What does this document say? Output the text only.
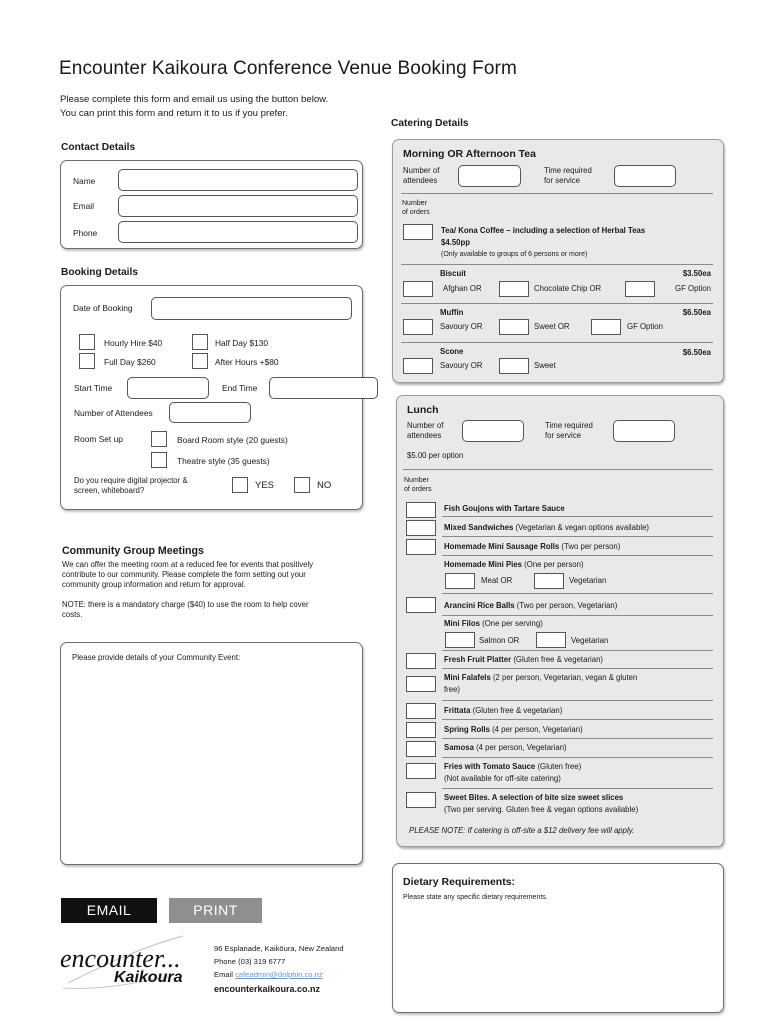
Encounter Kaikoura Conference Venue Booking Form
Please complete this form and email us using the button below.
You can print this form and return it to us if you prefer.
Contact Details
Name
Email
Phone
Booking Details
Date of Booking
Hourly Hire $40	Half Day $130
Full Day $260	After Hours +$80
Start Time	End Time
Number of Attendees
Room Set up	Board Room style (20 guests)
Theatre style (35 guests)
Do you require digital projector &
screen, whiteboard?	YES	NO
Community Group Meetings
We can offer the meeting room at a reduced fee for events that positively
contribute to our community. Please complete the form setting out your
community group information and return for approval.
NOTE: there is a mandatory charge ($40) to use the room to help cover
costs.
Please provide details of your Community Event:
EMAIL	PRINT
encounter...
Kaikoura
96 Esplanade, Kaikōura, New Zealand
Phone (03) 319 6777
Email cafeadmin@dolphin.co.nz
encounterkaikoura.co.nz
Catering Details
Morning OR Afternoon Tea
Number of
attendees
Time required
for service
Number
of orders
Tea/ Kona Coffee – including a selection of Herbal Teas
$4.50pp
(Only available to groups of 6 persons or more)
Biscuit	$3.50ea
Afghan OR	Chocolate Chip OR	GF Option
Muffin	$6.50ea
Savoury OR	Sweet OR	GF Option
Scone	$6.50ea
Savoury OR	Sweet
Lunch
Number of
attendees
Time required
for service
$5.00 per option
Number
of orders
Fish Goujons with Tartare Sauce
Mixed Sandwiches (Vegetarian & vegan options available)
Homemade Mini Sausage Rolls (Two per person)
Homemade Mini Pies (One per person)
Meat OR	Vegetarian
Arancini Rice Balls (Two per person, Vegetarian)
Mini Filos (One per serving)
Salmon OR	Vegetarian
Fresh Fruit Platter (Gluten free & vegetarian)
Mini Falafels (2 per person, Vegetarian, vegan & gluten
free)
Frittata (Gluten free & vegetarian)
Spring Rolls (4 per person, Vegetarian)
Samosa (4 per person, Vegetarian)
Fries with Tomato Sauce (Gluten free)
(Not available for off-site catering)
Sweet Bites. A selection of bite size sweet slices
(Two per serving. Gluten free & vegan options available)
PLEASE NOTE: If catering is off-site a $12 delivery fee will apply.
Dietary Requirements:
Please state any specific dietary requirements.
